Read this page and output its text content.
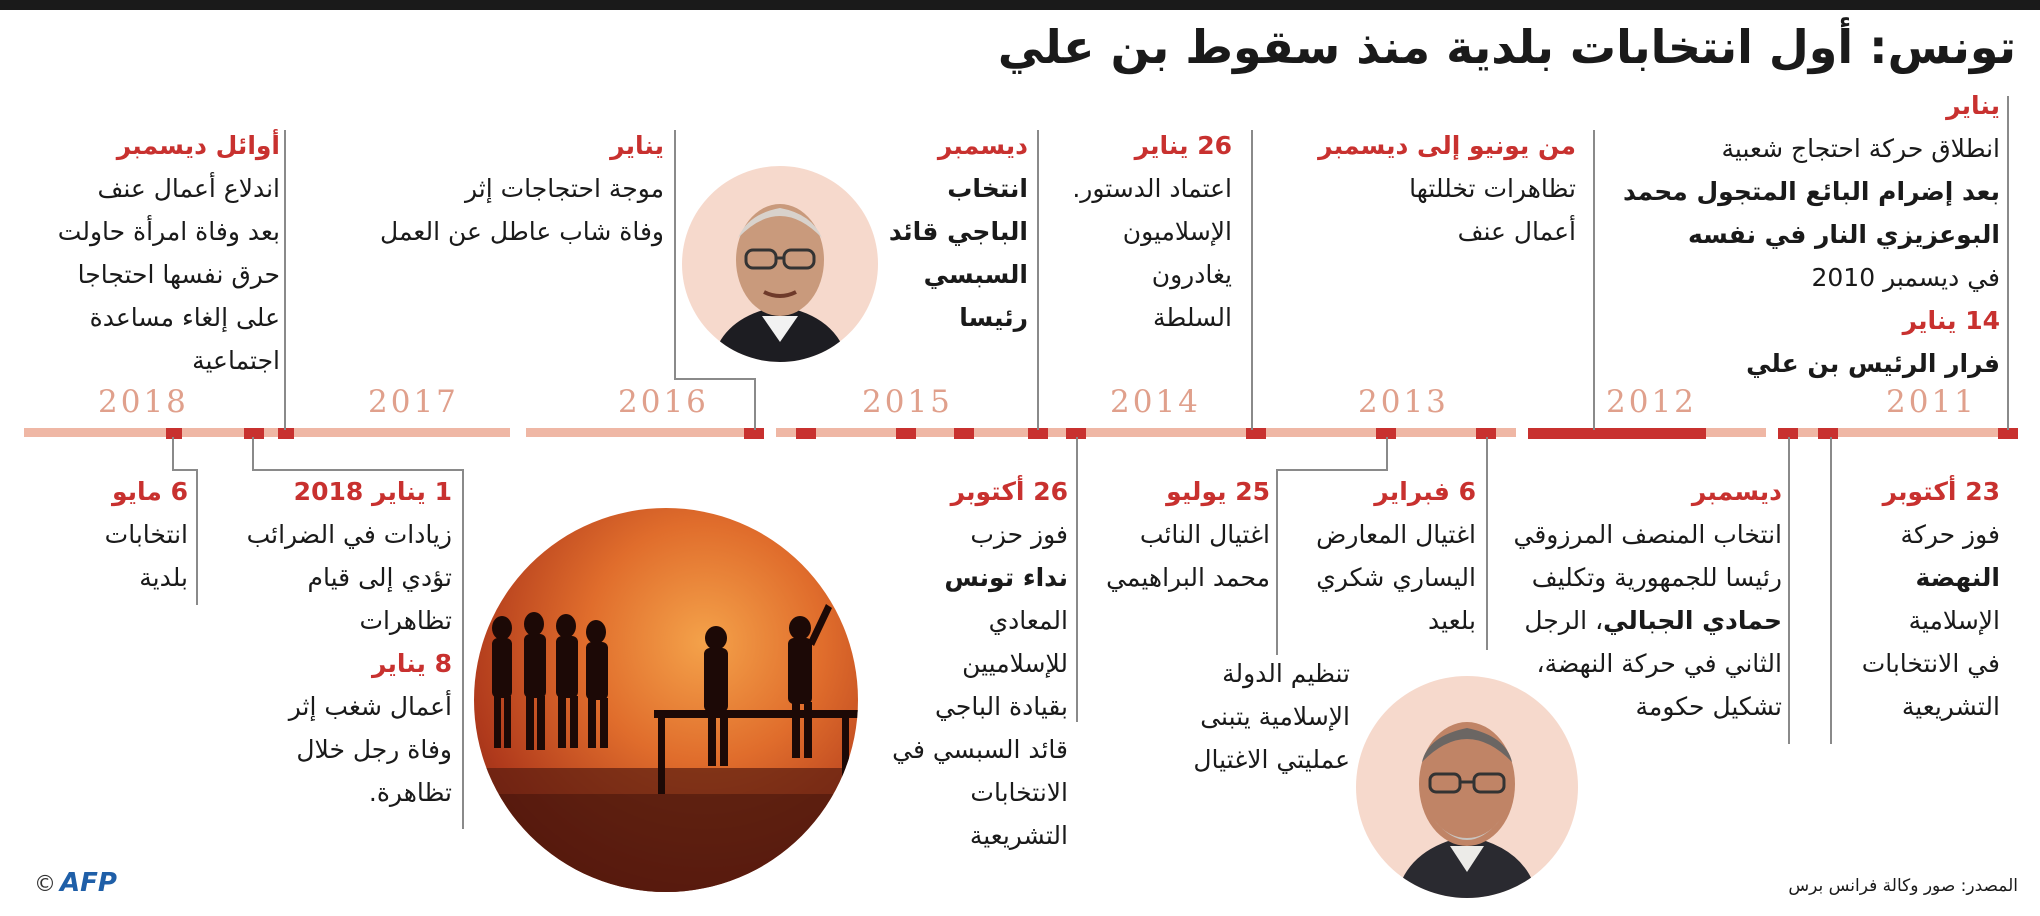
تونس: أول انتخابات بلدية منذ سقوط بن علي
2018	2017	2016	2015	2014	2013	2012	2011
يناير
انطلاق حركة احتجاج شعبية
بعد إضرام البائع المتجول محمد
البوعزيزي النار في نفسه
في ديسمبر 2010
14 يناير
فرار الرئيس بن علي
من يونيو إلى ديسمبر
تظاهرات تخللتها
أعمال عنف
26 يناير
اعتماد الدستور.
الإسلاميون
يغادرون
السلطة
ديسمبر
انتخاب
الباجي قائد
السبسي
رئيسا
يناير
موجة احتجاجات إثر
وفاة شاب عاطل عن العمل
أوائل ديسمبر
اندلاع أعمال عنف
بعد وفاة امرأة حاولت
حرق نفسها احتجاجا
على إلغاء مساعدة
اجتماعية
23 أكتوبر
فوز حركة
النهضة
الإسلامية
في الانتخابات
التشريعية
ديسمبر
انتخاب المنصف المرزوقي
رئيسا للجمهورية وتكليف
حمادي الجبالي، الرجل
الثاني في حركة النهضة،
تشكيل حكومة
6 فبراير
اغتيال المعارض
اليساري شكري
بلعيد
25 يوليو
اغتيال النائب
محمد البراهيمي
تنظيم الدولة
الإسلامية يتبنى
عمليتي الاغتيال
26 أكتوبر
فوز حزب
نداء تونس
المعادي
للإسلاميين
بقيادة الباجي
قائد السبسي في
الانتخابات
التشريعية
1 يناير 2018
زيادات في الضرائب
تؤدي إلى قيام
تظاهرات
8 يناير
أعمال شغب إثر
وفاة رجل خلال
تظاهرة.
6 مايو
انتخابات
بلدية
المصدر: صور وكالة فرانس برس
© AFP
